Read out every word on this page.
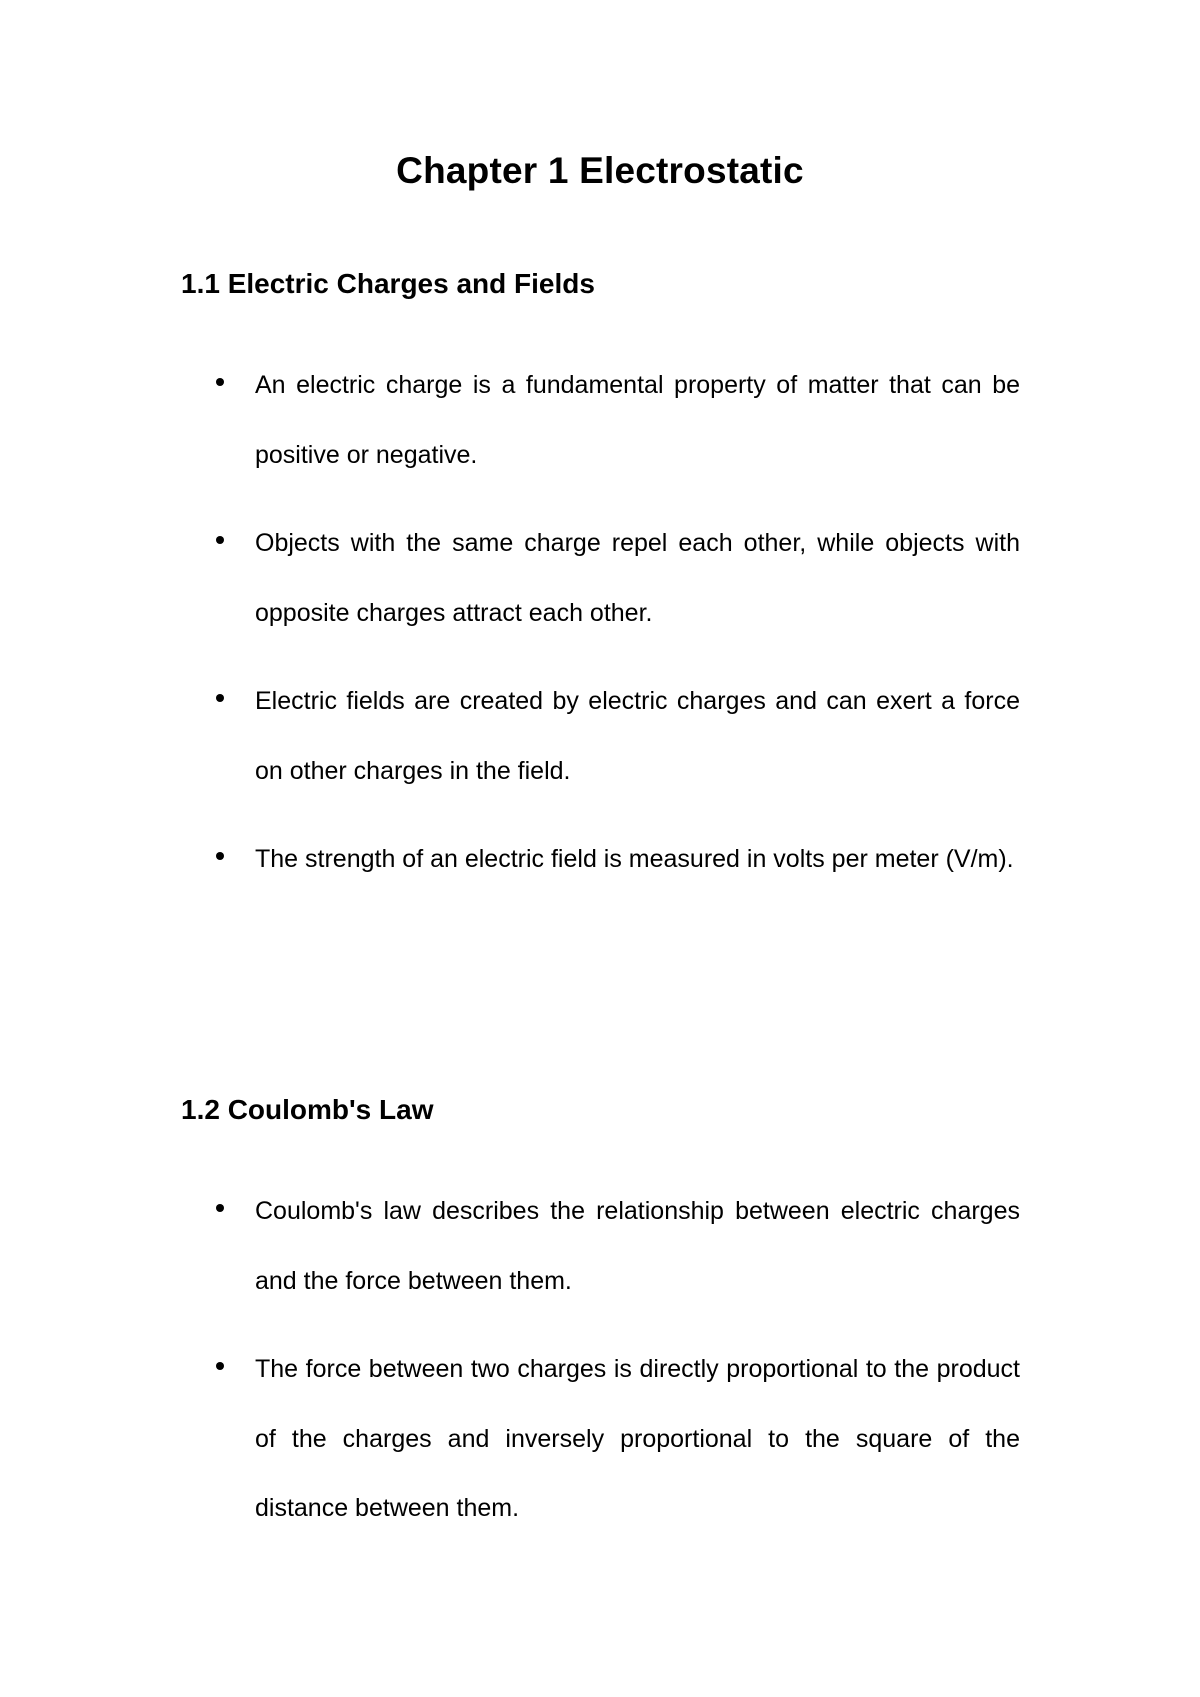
Chapter 1 Electrostatic
1.1 Electric Charges and Fields
An electric charge is a fundamental property of matter that can be positive or negative.
Objects with the same charge repel each other, while objects with opposite charges attract each other.
Electric fields are created by electric charges and can exert a force on other charges in the field.
The strength of an electric field is measured in volts per meter (V/m).
1.2 Coulomb's Law
Coulomb's law describes the relationship between electric charges and the force between them.
The force between two charges is directly proportional to the product of the charges and inversely proportional to the square of the distance between them.
